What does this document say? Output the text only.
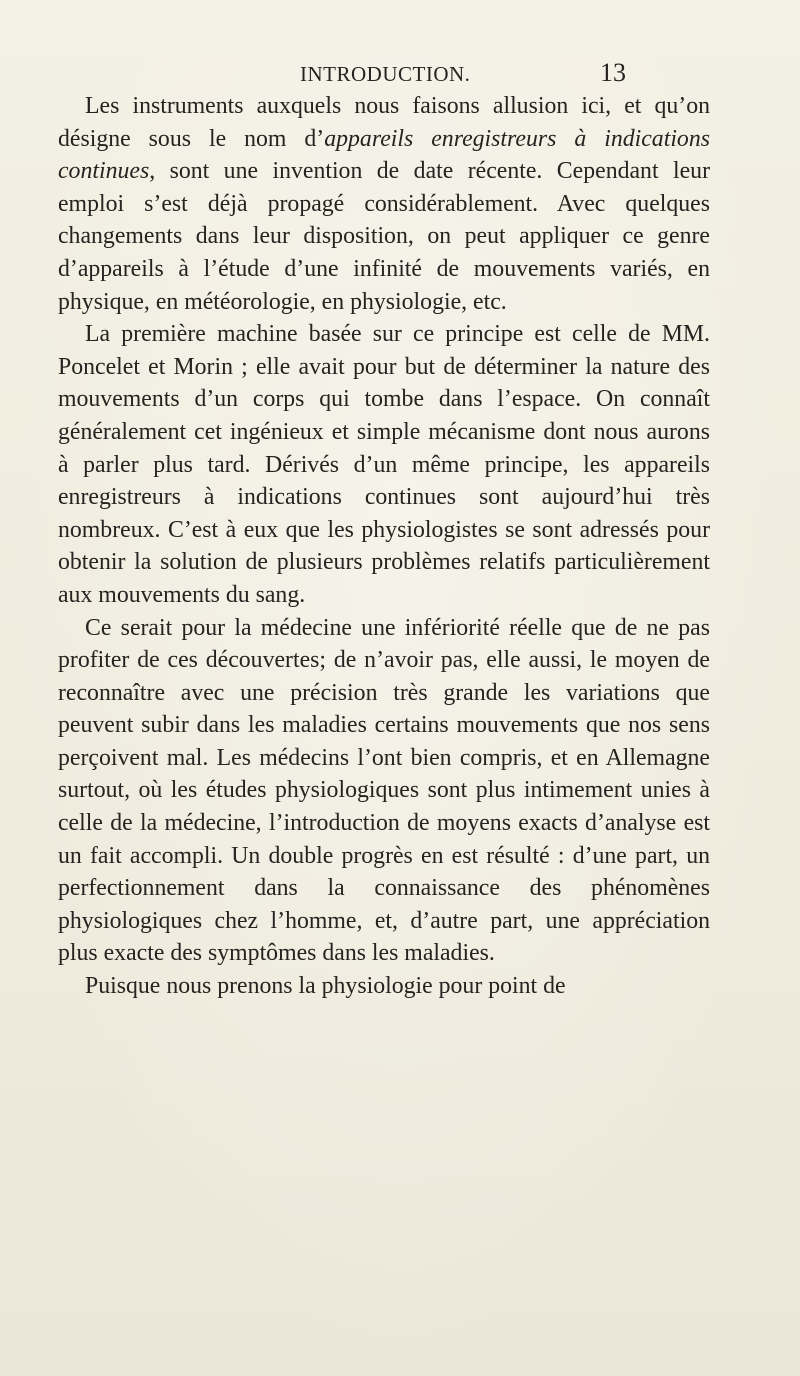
INTRODUCTION.	13

Les instruments auxquels nous faisons allusion ici, et qu’on désigne sous le nom d’appareils enregistreurs à indications continues, sont une invention de date récente. Cependant leur emploi s’est déjà propagé considérablement. Avec quelques changements dans leur disposition, on peut appliquer ce genre d’appareils à l’étude d’une infinité de mouvements variés, en physique, en météorologie, en physiologie, etc.

La première machine basée sur ce principe est celle de MM. Poncelet et Morin ; elle avait pour but de déterminer la nature des mouvements d’un corps qui tombe dans l’espace. On connaît généralement cet ingénieux et simple mécanisme dont nous aurons à parler plus tard. Dérivés d’un même principe, les appareils enregistreurs à indications continues sont aujourd’hui très nombreux. C’est à eux que les physiologistes se sont adressés pour obtenir la solution de plusieurs problèmes relatifs particulièrement aux mouvements du sang.

Ce serait pour la médecine une infériorité réelle que de ne pas profiter de ces découvertes; de n’avoir pas, elle aussi, le moyen de reconnaître avec une précision très grande les variations que peuvent subir dans les maladies certains mouvements que nos sens perçoivent mal. Les médecins l’ont bien compris, et en Allemagne surtout, où les études physiologiques sont plus intimement unies à celle de la médecine, l’introduction de moyens exacts d’analyse est un fait accompli. Un double progrès en est résulté : d’une part, un perfectionnement dans la connaissance des phénomènes physiologiques chez l’homme, et, d’autre part, une appréciation plus exacte des symptômes dans les maladies.

Puisque nous prenons la physiologie pour point de
